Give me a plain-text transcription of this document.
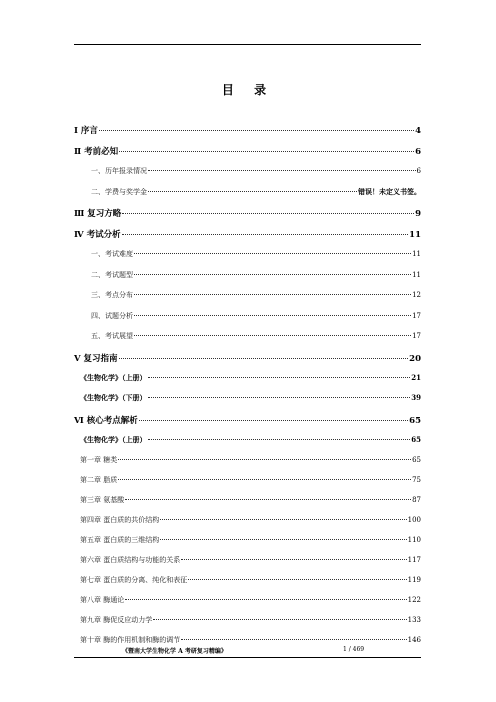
目 录
Ⅰ 序言	4
Ⅱ 考前必知	6
一、历年报录情况	6
二、学费与奖学金	错误！未定义书签。
Ⅲ 复习方略	9
Ⅳ 考试分析	11
一、考试难度	11
二、考试题型	11
三、考点分布	12
四、试题分析	17
五、考试展望	17
Ⅴ 复习指南	20
《生物化学》（上册）	21
《生物化学》（下册）	39
Ⅵ 核心考点解析	65
《生物化学》（上册）	65
第一章 糖类	65
第二章 脂质	75
第三章 氨基酸	87
第四章 蛋白质的共价结构	100
第五章 蛋白质的三维结构	110
第六章 蛋白质结构与功能的关系	117
第七章 蛋白质的分离、纯化和表征	119
第八章 酶通论	122
第九章 酶促反应动力学	133
第十章 酶的作用机制和酶的调节	146
《暨南大学生物化学 A 考研复习精编》	1 / 469
